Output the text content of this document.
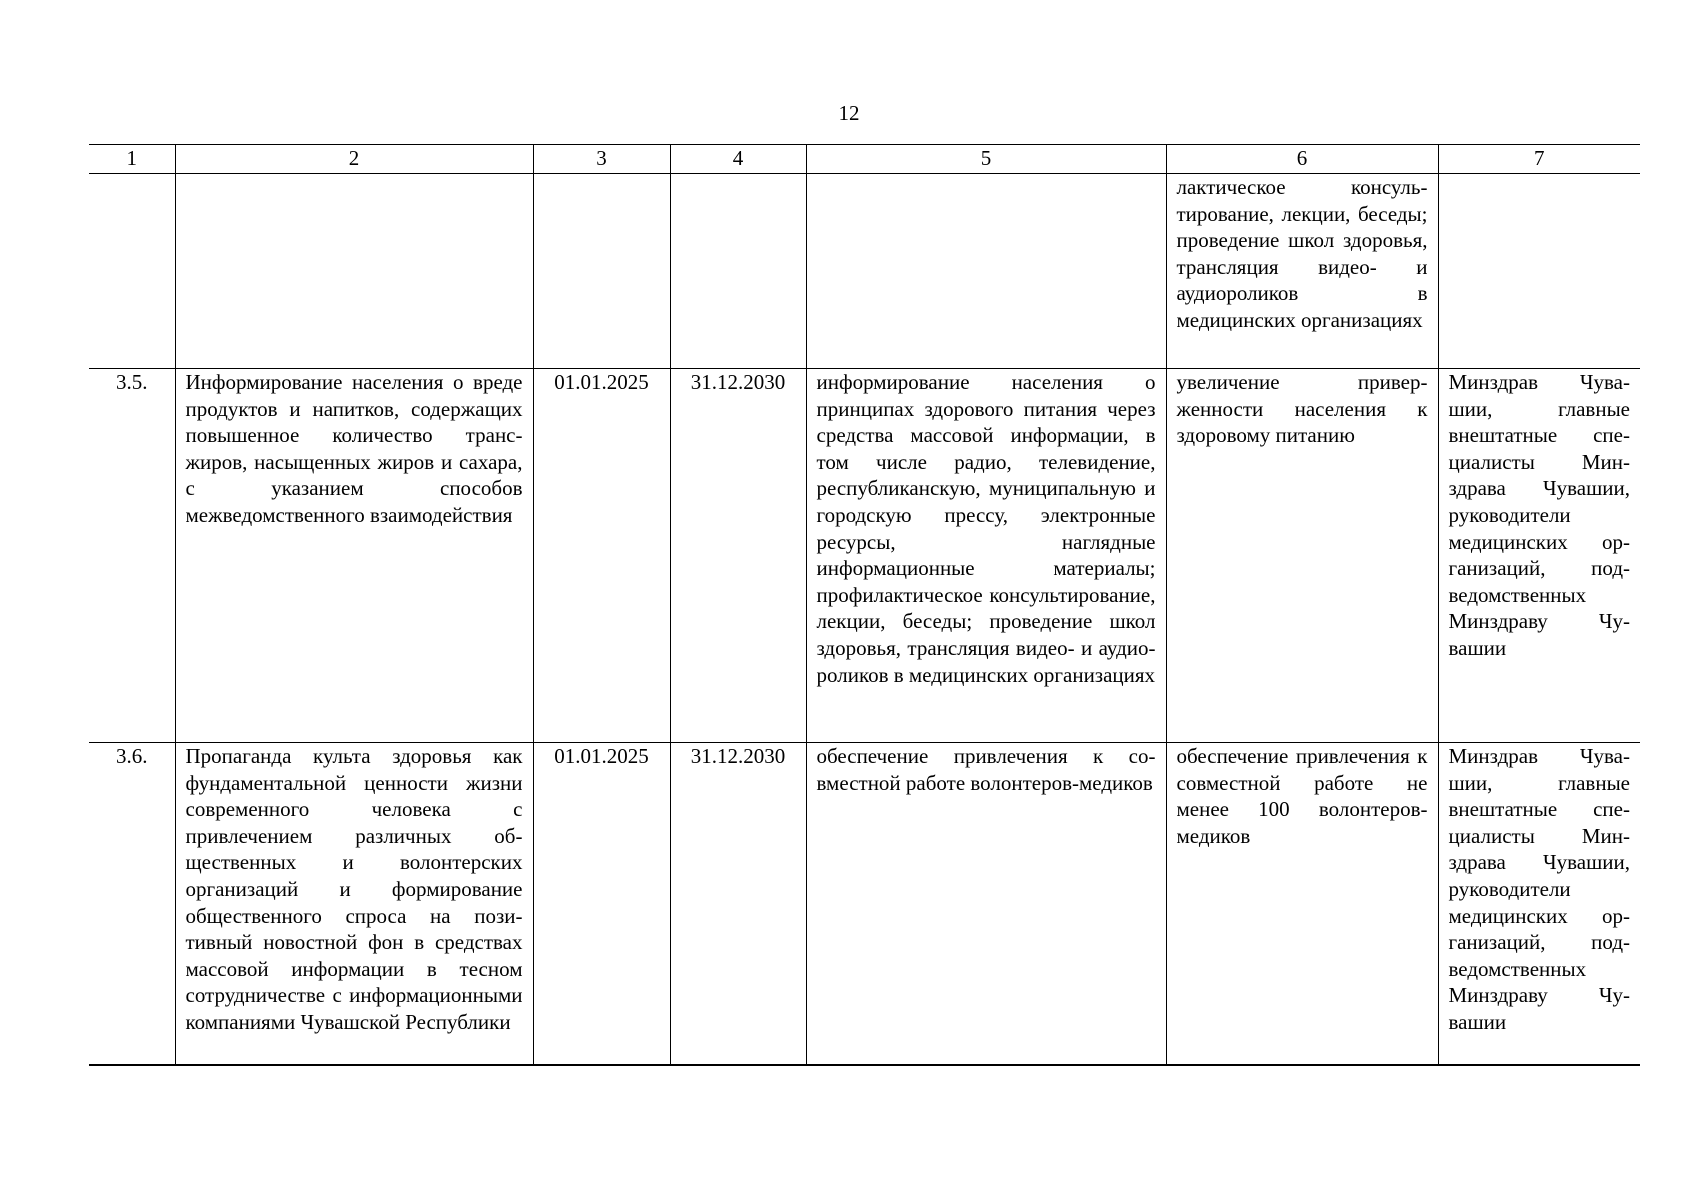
12
1	2	3	4	5	6	7
					лактическое консультирование, лекции, беседы; проведение школ здоровья, трансляция видео- и аудиороликов в медицинских организациях	
3.5.	Информирование населения о вреде продуктов и напитков, содержащих повышенное количество транс-жиров, насыщенных жиров и сахара, с указанием способов межведомственного взаимодействия	01.01.2025	31.12.2030	информирование населения о принципах здорового питания через средства массовой информации, в том числе радио, телевидение, республиканскую, муниципальную и городскую прессу, электронные ресурсы, наглядные информационные материалы; профилактическое консультирование, лекции, беседы; проведение школ здоровья, трансляция видео- и аудиороликов в медицинских организациях	увеличение приверженности населения к здоровому питанию	Минздрав Чувашии, главные внештатные специалисты Минздрава Чувашии, руководители медицинских организаций, подведомственных Минздраву Чувашии
3.6.	Пропаганда культа здоровья как фундаментальной ценности жизни современного человека с привлечением различных общественных и волонтерских организаций и формирование общественного спроса на позитивный новостной фон в средствах массовой информации в тесном сотрудничестве с информационными компаниями Чувашской Республики	01.01.2025	31.12.2030	обеспечение привлечения к совместной работе волонтеров-медиков	обеспечение привлечения к совместной работе не менее 100 волонтеров-медиков	Минздрав Чувашии, главные внештатные специалисты Минздрава Чувашии, руководители медицинских организаций, подведомственных Минздраву Чувашии
